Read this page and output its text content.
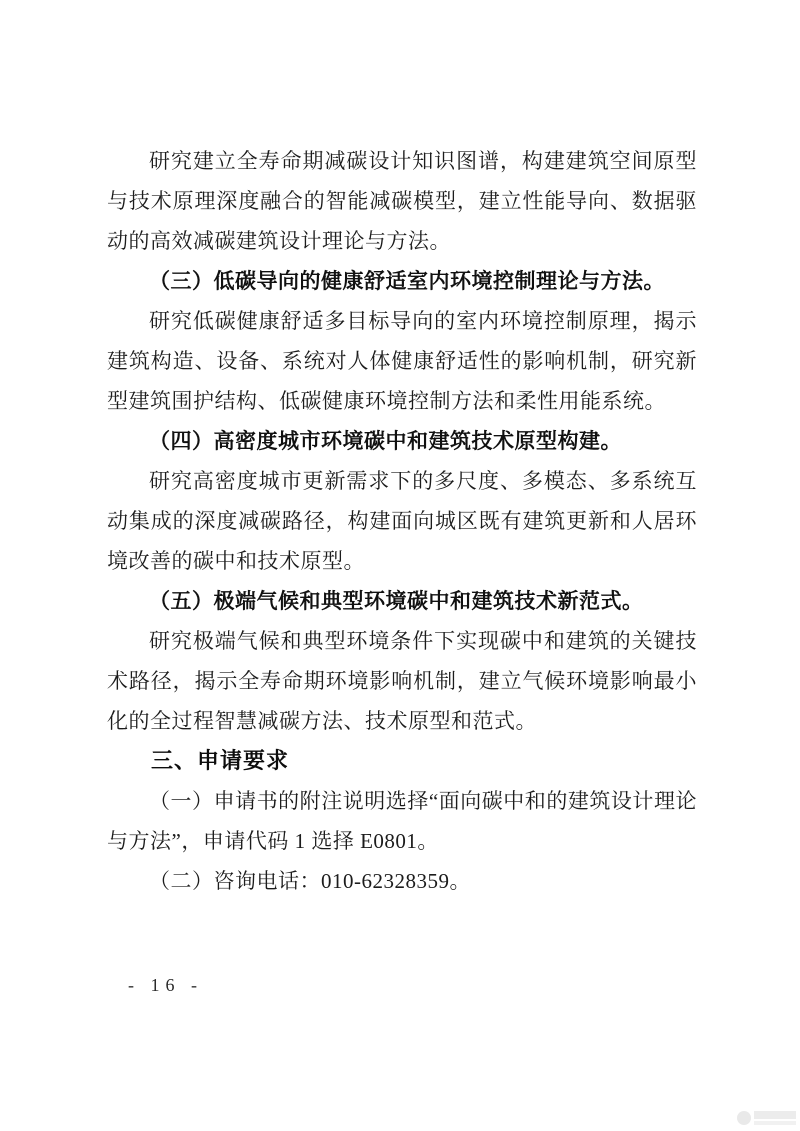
研究建立全寿命期减碳设计知识图谱，构建建筑空间原型与技术原理深度融合的智能减碳模型，建立性能导向、数据驱动的高效减碳建筑设计理论与方法。

（三）低碳导向的健康舒适室内环境控制理论与方法。

研究低碳健康舒适多目标导向的室内环境控制原理，揭示建筑构造、设备、系统对人体健康舒适性的影响机制，研究新型建筑围护结构、低碳健康环境控制方法和柔性用能系统。

（四）高密度城市环境碳中和建筑技术原型构建。

研究高密度城市更新需求下的多尺度、多模态、多系统互动集成的深度减碳路径，构建面向城区既有建筑更新和人居环境改善的碳中和技术原型。

（五）极端气候和典型环境碳中和建筑技术新范式。

研究极端气候和典型环境条件下实现碳中和建筑的关键技术路径，揭示全寿命期环境影响机制，建立气候环境影响最小化的全过程智慧减碳方法、技术原型和范式。

三、申请要求

（一）申请书的附注说明选择“面向碳中和的建筑设计理论与方法”，申请代码 1 选择 E0801。

（二）咨询电话：010-62328359。

- 16 -
